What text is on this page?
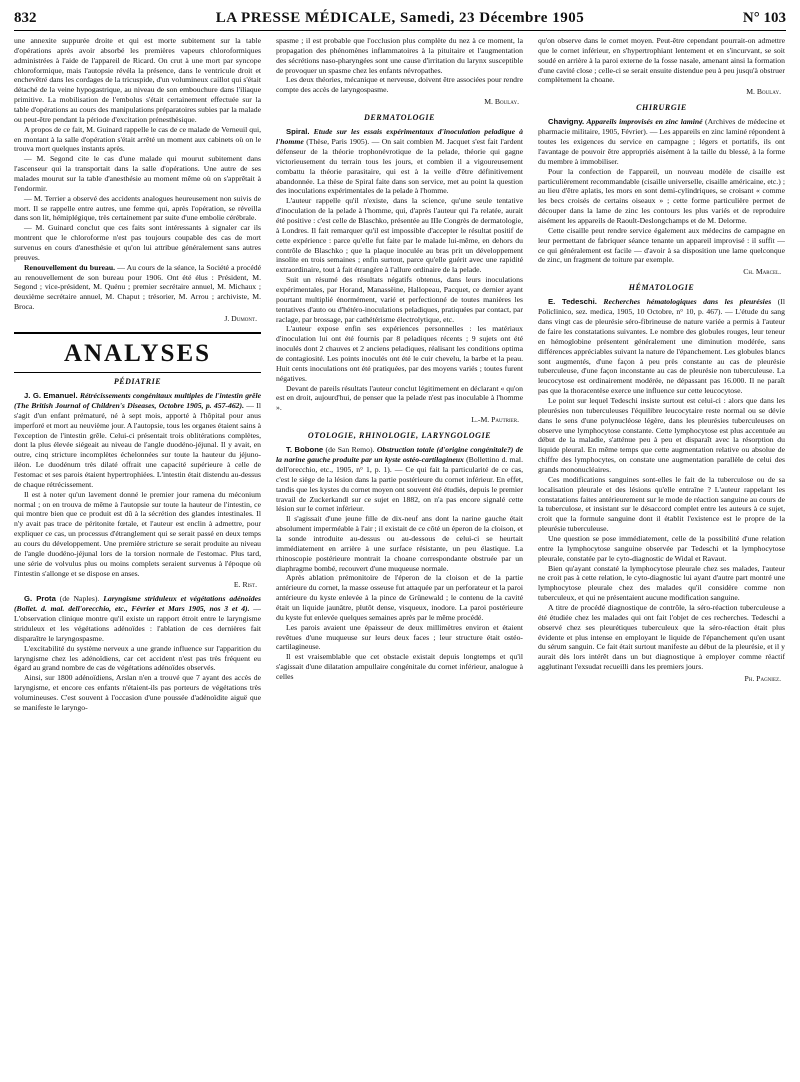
832	LA PRESSE MÉDICALE, Samedi, 23 Décembre 1905	N° 103

une annexite suppurée droite et qui est morte subitement sur la table d'opérations après avoir absorbé les premières vapeurs chloroformiques administrées à l'aide de l'appareil de Ricard. On crut à une mort par syncope chloroformique, mais l'autopsie révéla la présence, dans le ventricule droit et enchevêtré dans les cordages de la tricuspide, d'un volumineux caillot qui s'était détaché de la veine hypogastrique, au niveau de son embouchure dans l'iliaque primitive. La mobilisation de l'embolus s'était certainement effectuée sur la table d'opérations au cours des manipulations préparatoires subies par la malade ou peut-être pendant la période d'excitation prénesthésique.

A propos de ce fait, M. Guinard rappelle le cas de ce malade de Verneuil qui, en montant à la salle d'opération s'était arrêté un moment aux cabinets où on le trouva mort quelques instants après.

— M. Segond cite le cas d'une malade qui mourut subitement dans l'ascenseur qui la transportait dans la salle d'opérations. Une autre de ses malades mourut sur la table d'anesthésie au moment même où on s'apprêtait à l'endormir.

— M. Terrier a observé des accidents analogues heureusement non suivis de mort. Il se rappelle entre autres, une femme qui, après l'opération, se réveilla dans son lit, hémiplégique, très certainement par suite d'une embolie cérébrale.

— M. Guinard conclut que ces faits sont intéressants à signaler car ils montrent que le chloroforme n'est pas toujours coupable des cas de mort survenus en cours d'anesthésie et qu'on lui attribue généralement sans autres preuves.

Renouvellement du bureau. — Au cours de la séance, la Société a procédé au renouvellement de son bureau pour 1906. Ont été élus : Président, M. Segond ; vice-président, M. Quénu ; premier secrétaire annuel, M. Michaux ; deuxième secrétaire annuel, M. Chaput ; trésorier, M. Arrou ; archiviste, M. Broca.

J. Dumont.

ANALYSES
PÉDIATRIE

J. G. Emanuel. Rétrécissements congénitaux multiples de l'intestin grêle (The British Journal of Children's Diseases, Octobre 1905, p. 457-462). — Il s'agit d'un enfant prématuré, né à sept mois, apporté à l'hôpital pour anus imperforé et mort au neuvième jour. A l'autopsie, tous les organes étaient sains à l'exception de l'intestin grêle. Celui-ci présentait trois oblitérations complètes, dont la plus élevée siégeait au niveau de l'angle duodéno-jéjunal. Il y avait, en outre, cinq stricture incomplètes échelonnées sur toute la hauteur du jéjuno-iléon. Le duodénum très dilaté offrait une capacité supérieure à celle de l'estomac et ses parois étaient hypertrophiées. L'intestin était distendu au-dessus de chaque rétrécissement.

Il est à noter qu'un lavement donné le premier jour ramena du méconium normal ; on en trouva de même à l'autopsie sur toute la hauteur de l'intestin, ce qui montre bien que ce produit est dû à la sécrétion des glandes intestinales. Il n'y avait pas trace de péritonite fœtale, et l'auteur est enclin à admettre, pour expliquer ce cas, un processus d'étranglement qui se serait passé en deux temps au cours du développement. Une première stricture se serait produite au niveau de l'angle duodéno-jéjunal lors de la torsion normale de l'estomac. Plus tard, une série de volvulus plus ou moins complets seraient survenus à l'époque où l'intestin s'allonge et se dispose en anses.

E. Rist.

G. Prota (de Naples). Laryngisme striduleux et végétations adénoïdes (Bollet. d. mal. dell'orecchio, etc., Février et Mars 1905, nos 3 et 4). — L'observation clinique montre qu'il existe un rapport étroit entre le laryngisme striduleux et les végétations adénoïdes : l'ablation de ces dernières fait disparaître le laryngospasme.

L'excitabilité du système nerveux a une grande influence sur l'apparition du laryngisme chez les adénoïdiens, car cet accident n'est pas très fréquent eu égard au grand nombre de cas de végétations adénoïdes observés.

Ainsi, sur 1800 adénoïdiens, Arslan n'en a trouvé que 7 ayant des accès de laryngisme, et encore ces enfants n'étaient-ils pas porteurs de végétations très volumineuses. C'est souvent à l'occasion d'une poussée d'adénoïdite aiguë que se manifeste le laryngo-

spasme ; il est probable que l'occlusion plus complète du nez à ce moment, la propagation des phénomènes inflammatoires à la pituitaire et l'augmentation des sécrétions naso-pharyngées sont une cause d'irritation du larynx susceptible de provoquer un spasme chez les enfants névropathes.

Les deux théories, mécanique et nerveuse, doivent être associées pour rendre compte des accès de laryngospasme.

M. Boulay.

DERMATOLOGIE

Spiral. Etude sur les essais expérimentaux d'inoculation peladique à l'homme (Thèse, Paris 1905). — On sait combien M. Jacquet s'est fait l'ardent défenseur de la théorie trophonévrotique de la pelade, théorie qui gagne victorieusement du terrain tous les jours, et combien il a vigoureusement combattu la théorie parasitaire, qui est à la veille d'être définitivement abandonnée. La thèse de Spiral faite dans son service, met au point la question des inoculations expérimentales de la pelade à l'homme.

L'auteur rappelle qu'il n'existe, dans la science, qu'une seule tentative d'inoculation de la pelade à l'homme, qui, d'après l'auteur qui l'a relatée, aurait été positive : c'est celle de Blaschko, présentée au IIIe Congrès de dermatologie, à Londres. Il fait remarquer qu'il est impossible d'accepter le résultat positif de cette expérience : parce qu'elle fut faite par le malade lui-même, en dehors du contrôle de Blaschko ; que la plaque inoculée au bras prit un développement insolite en trois semaines ; enfin surtout, parce qu'elle guérit avec une rapidité extraordinaire, tout à fait étrangère à l'allure ordinaire de la pelade.

Suit un résumé des résultats négatifs obtenus, dans leurs inoculations expérimentales, par Horand, Manassëine, Hallopeau, Pacquet, ce dernier ayant pourtant multiplié énormément, varié et perfectionné de toutes manières les tentatives d'auto ou d'hétéro-inoculations peladiques, pratiquées par contact, par raclage, par brossage, par cathétérisme électrolytique, etc.

L'auteur expose enfin ses expériences personnelles : les matériaux d'inoculation lui ont été fournis par 8 peladiques récents ; 9 sujets ont été inoculés dont 2 chauves et 2 anciens peladiques, réalisant les conditions optima de contagiosité. Les points inoculés ont été le cuir chevelu, la barbe et la peau. Huit cents inoculations ont été pratiquées, par des moyens variés ; toutes furent négatives.

Devant de pareils résultats l'auteur conclut légitimement en déclarant « qu'on est en droit, aujourd'hui, de penser que la pelade n'est pas inoculable à l'homme ».

L.-M. Pautrier.

OTOLOGIE, RHINOLOGIE, LARYNGOLOGIE

T. Bobone (de San Remo). Obstruction totale (d'origine congénitale?) de la narine gauche produite par un kyste ostéo-cartilagineux (Bollettino d. mal. dell'orecchio, etc., 1905, n° 1, p. 1). — Ce qui fait la particularité de ce cas, c'est le siège de la lésion dans la partie postérieure du cornet inférieur. En effet, tandis que les kystes du cornet moyen ont souvent été étudiés, depuis le premier travail de Zuckerkandl sur ce sujet en 1882, on n'a pas encore signalé cette lésion sur le cornet inférieur.

Il s'agissait d'une jeune fille de dix-neuf ans dont la narine gauche était absolument imperméable à l'air ; il existait de ce côté un éperon de la cloison, et la sonde introduite au-dessus ou au-dessous de celui-ci se heurtait immédiatement en arrière à une surface résistante, un peu élastique. La rhinoscopie postérieure montrait la choane correspondante obstruée par un diaphragme bombé, recouvert d'une muqueuse normale.

Après ablation prémonitoire de l'éperon de la cloison et de la partie antérieure du cornet, la masse osseuse fut attaquée par un perforateur et la paroi antérieure du kyste enlevée à la pince de Grünewald ; le contenu de la cavité était un liquide jaunâtre, plutôt dense, visqueux, inodore. La paroi postérieure du kyste fut enlevée quelques semaines après par le même procédé.

Les parois avaient une épaisseur de deux millimètres environ et étaient revêtues d'une muqueuse sur leurs deux faces ; leur structure était ostéo-cartilagineuse.

Il est vraisemblable que cet obstacle existait depuis longtemps et qu'il s'agissait d'une dilatation ampullaire congénitale du cornet inférieur, analogue à celles

qu'on observe dans le cornet moyen. Peut-être cependant pourrait-on admettre que le cornet inférieur, en s'hypertrophiant lentement et en s'incurvant, se soit soudé en arrière à la paroi externe de la fosse nasale, amenant ainsi la formation d'une cavité close ; celle-ci se serait ensuite distendue peu à peu jusqu'à obstruer complètement la choane.

M. Boulay.

CHIRURGIE

Chavigny. Appareils improvisés en zinc laminé (Archives de médecine et pharmacie militaire, 1905, Février). — Les appareils en zinc laminé répondent à toutes les exigences du service en campagne ; légers et portatifs, ils ont l'avantage de pouvoir être appropriés aisément à la taille du blessé, à la forme du membre à immobiliser.

Pour la confection de l'appareil, un nouveau modèle de cisaille est particulièrement recommandable (cisaille universelle, cisaille américaine, etc.) ; au lieu d'être aplatis, les mors en sont demi-cylindriques, se croisant « comme les becs croisés de certains oiseaux » ; cette forme particulière permet de découper dans la lame de zinc les contours les plus variés et de reproduire aisément les appareils de Raoult-Deslongchamps et de M. Delorme.

Cette cisaille peut rendre service également aux médecins de campagne en leur permettant de fabriquer séance tenante un appareil improvisé : il suffit — ce qui généralement est facile — d'avoir à sa disposition une lame quelconque de zinc, un fragment de toiture par exemple.

Ch. Marcel.

HÉMATOLOGIE

E. Tedeschi. Recherches hématologiques dans les pleurésies (Il Policlinico, sez. medica, 1905, 10 Octobre, n° 10, p. 467). — L'étude du sang dans vingt cas de pleurésie séro-fibrineuse de nature variée a permis à l'auteur de faire les constatations suivantes. Le nombre des globules rouges, leur teneur en hémoglobine présentent généralement une diminution modérée, sans différences appréciables suivant la nature de l'épanchement. Les globules blancs sont augmentés, d'une façon à peu près constante au cas de pleurésie tuberculeuse, d'une façon inconstante au cas de pleurésie non tuberculeuse. La leucocytose est ordinairement modérée, ne dépassant pas 16.000. Il ne paraît pas que la thoracentèse exerce une influence sur cette leucocytose.

Le point sur lequel Tedeschi insiste surtout est celui-ci : alors que dans les pleurésies non tuberculeuses l'équilibre leucocytaire reste normal ou se dévie dans le sens d'une polynucléose légère, dans les pleurésies tuberculeuses on observe une lymphocytose constante. Cette lymphocytose est plus accentuée au début de la maladie, s'atténue peu à peu et disparaît avec la résorption du liquide pleural. En même temps que cette augmentation relative ou absolue de chiffre des lymphocytes, on constate une augmentation parallèle de celui des grands mononucléaires.

Ces modifications sanguines sont-elles le fait de la tuberculose ou de sa localisation pleurale et des lésions qu'elle entraîne ? L'auteur rappelant les constatations faites antérieurement sur le mode de réaction sanguine au cours de la tuberculose, et insistant sur le désaccord complet entre les auteurs à ce sujet, croit que la formule sanguine dont il établit l'existence est le propre de la pleurésie tuberculeuse.

Une question se pose immédiatement, celle de la possibilité d'une relation entre la lymphocytose sanguine observée par Tedeschi et la lymphocytose pleurale, constatée par le cyto-diagnostic de Widal et Ravaut.

Bien qu'ayant constaté la lymphocytose pleurale chez ses malades, l'auteur ne croit pas à cette relation, le cyto-diagnostic lui ayant d'autre part montré une lymphocytose pleurale chez des malades qu'il considère comme non tuberculeux, et qui ne présentaient aucune modification sanguine.

A titre de procédé diagnostique de contrôle, la séro-réaction tuberculeuse a été étudiée chez les malades qui ont fait l'objet de ces recherches. Tedeschi a observé chez ses pleurétiques tuberculeux que la séro-réaction était plus évidente et plus intense en employant le liquide de l'épanchement qu'en usant du sérum sanguin. Ce fait était surtout manifeste au début de la pleurésie, et il y aurait dès lors intérêt dans un but diagnostique à employer comme réactif agglutinant l'exsudat recueilli dans les premiers jours.

Ph. Pagniez.
